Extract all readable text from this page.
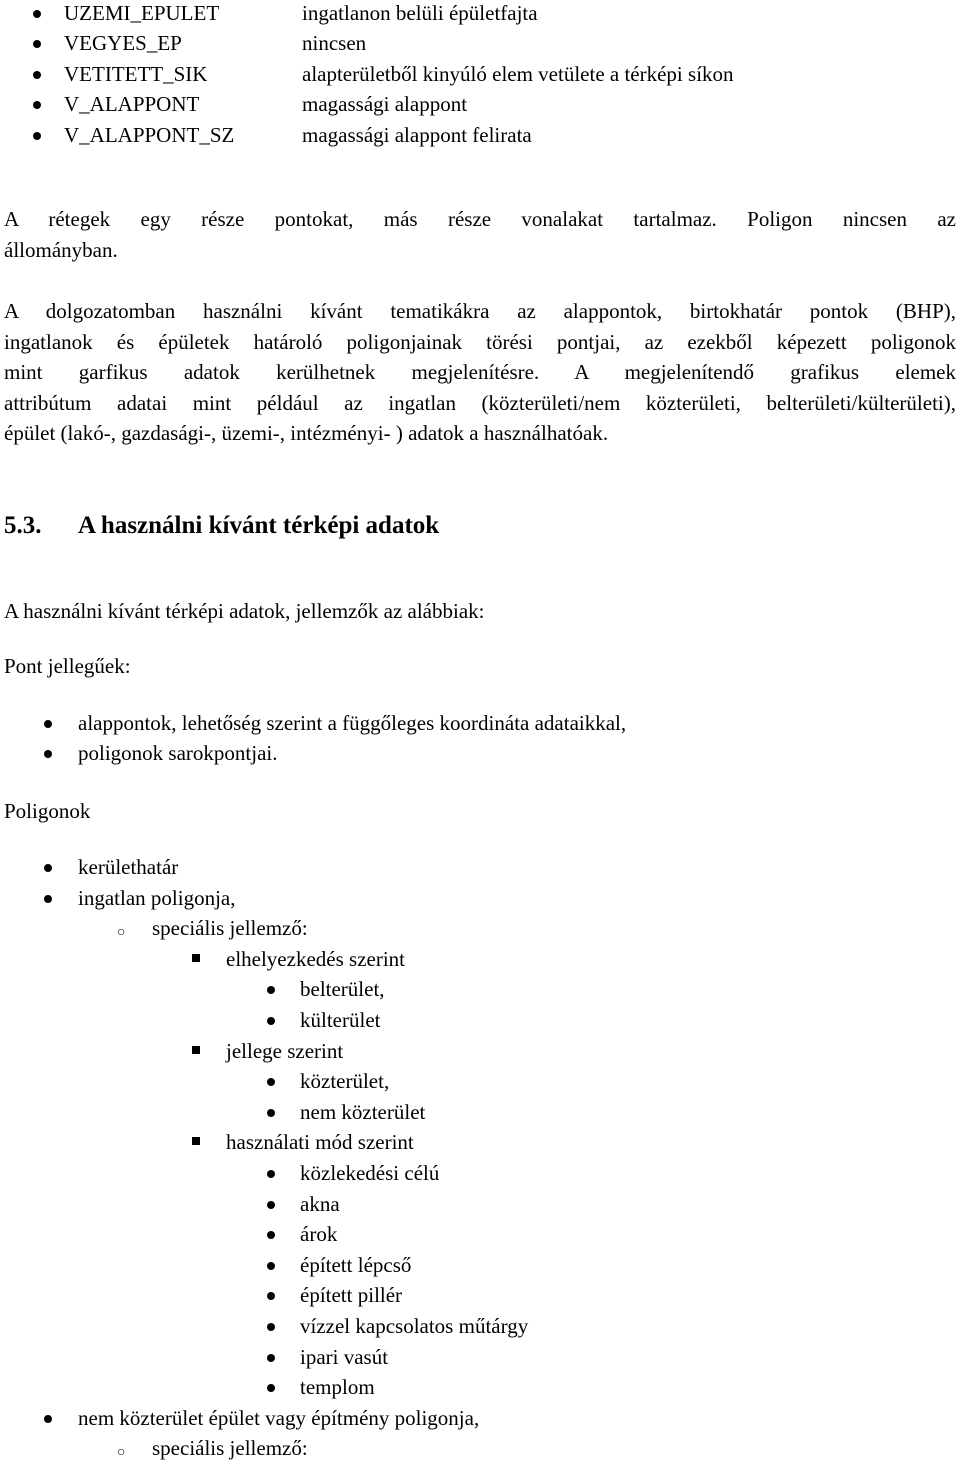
UZEMI_EPULET	ingatlanon belüli épületfajta
VEGYES_EP	nincsen
VETITETT_SIK	alapterületből kinyúló elem vetülete a térképi síkon
V_ALAPPONT	magassági alappont
V_ALAPPONT_SZ	magassági alappont felirata
A rétegek egy része pontokat, más része vonalakat tartalmaz. Poligon nincsen az
állományban.
A dolgozatomban használni kívánt tematikákra az alappontok, birtokhatár pontok (BHP),
ingatlanok és épületek határoló poligonjainak törési pontjai, az ezekből képezett poligonok
mint garfikus adatok kerülhetnek megjelenítésre. A megjelenítendő grafikus elemek
attribútum adatai mint például az ingatlan (közterületi/nem közterületi, belterületi/külterületi),
épület (lakó-, gazdasági-, üzemi-, intézményi- ) adatok a használhatóak.
5.3. A használni kívánt térképi adatok
A használni kívánt térképi adatok, jellemzők az alábbiak:
Pont jellegűek:
alappontok, lehetőség szerint a függőleges koordináta adataikkal,
poligonok sarokpontjai.
Poligonok
kerülethatár
ingatlan poligonja,
○ speciális jellemző:
elhelyezkedés szerint
belterület,
külterület
jellege szerint
közterület,
nem közterület
használati mód szerint
közlekedési célú
akna
árok
épített lépcső
épített pillér
vízzel kapcsolatos műtárgy
ipari vasút
templom
nem közterület épület vagy építmény poligonja,
○ speciális jellemző:
